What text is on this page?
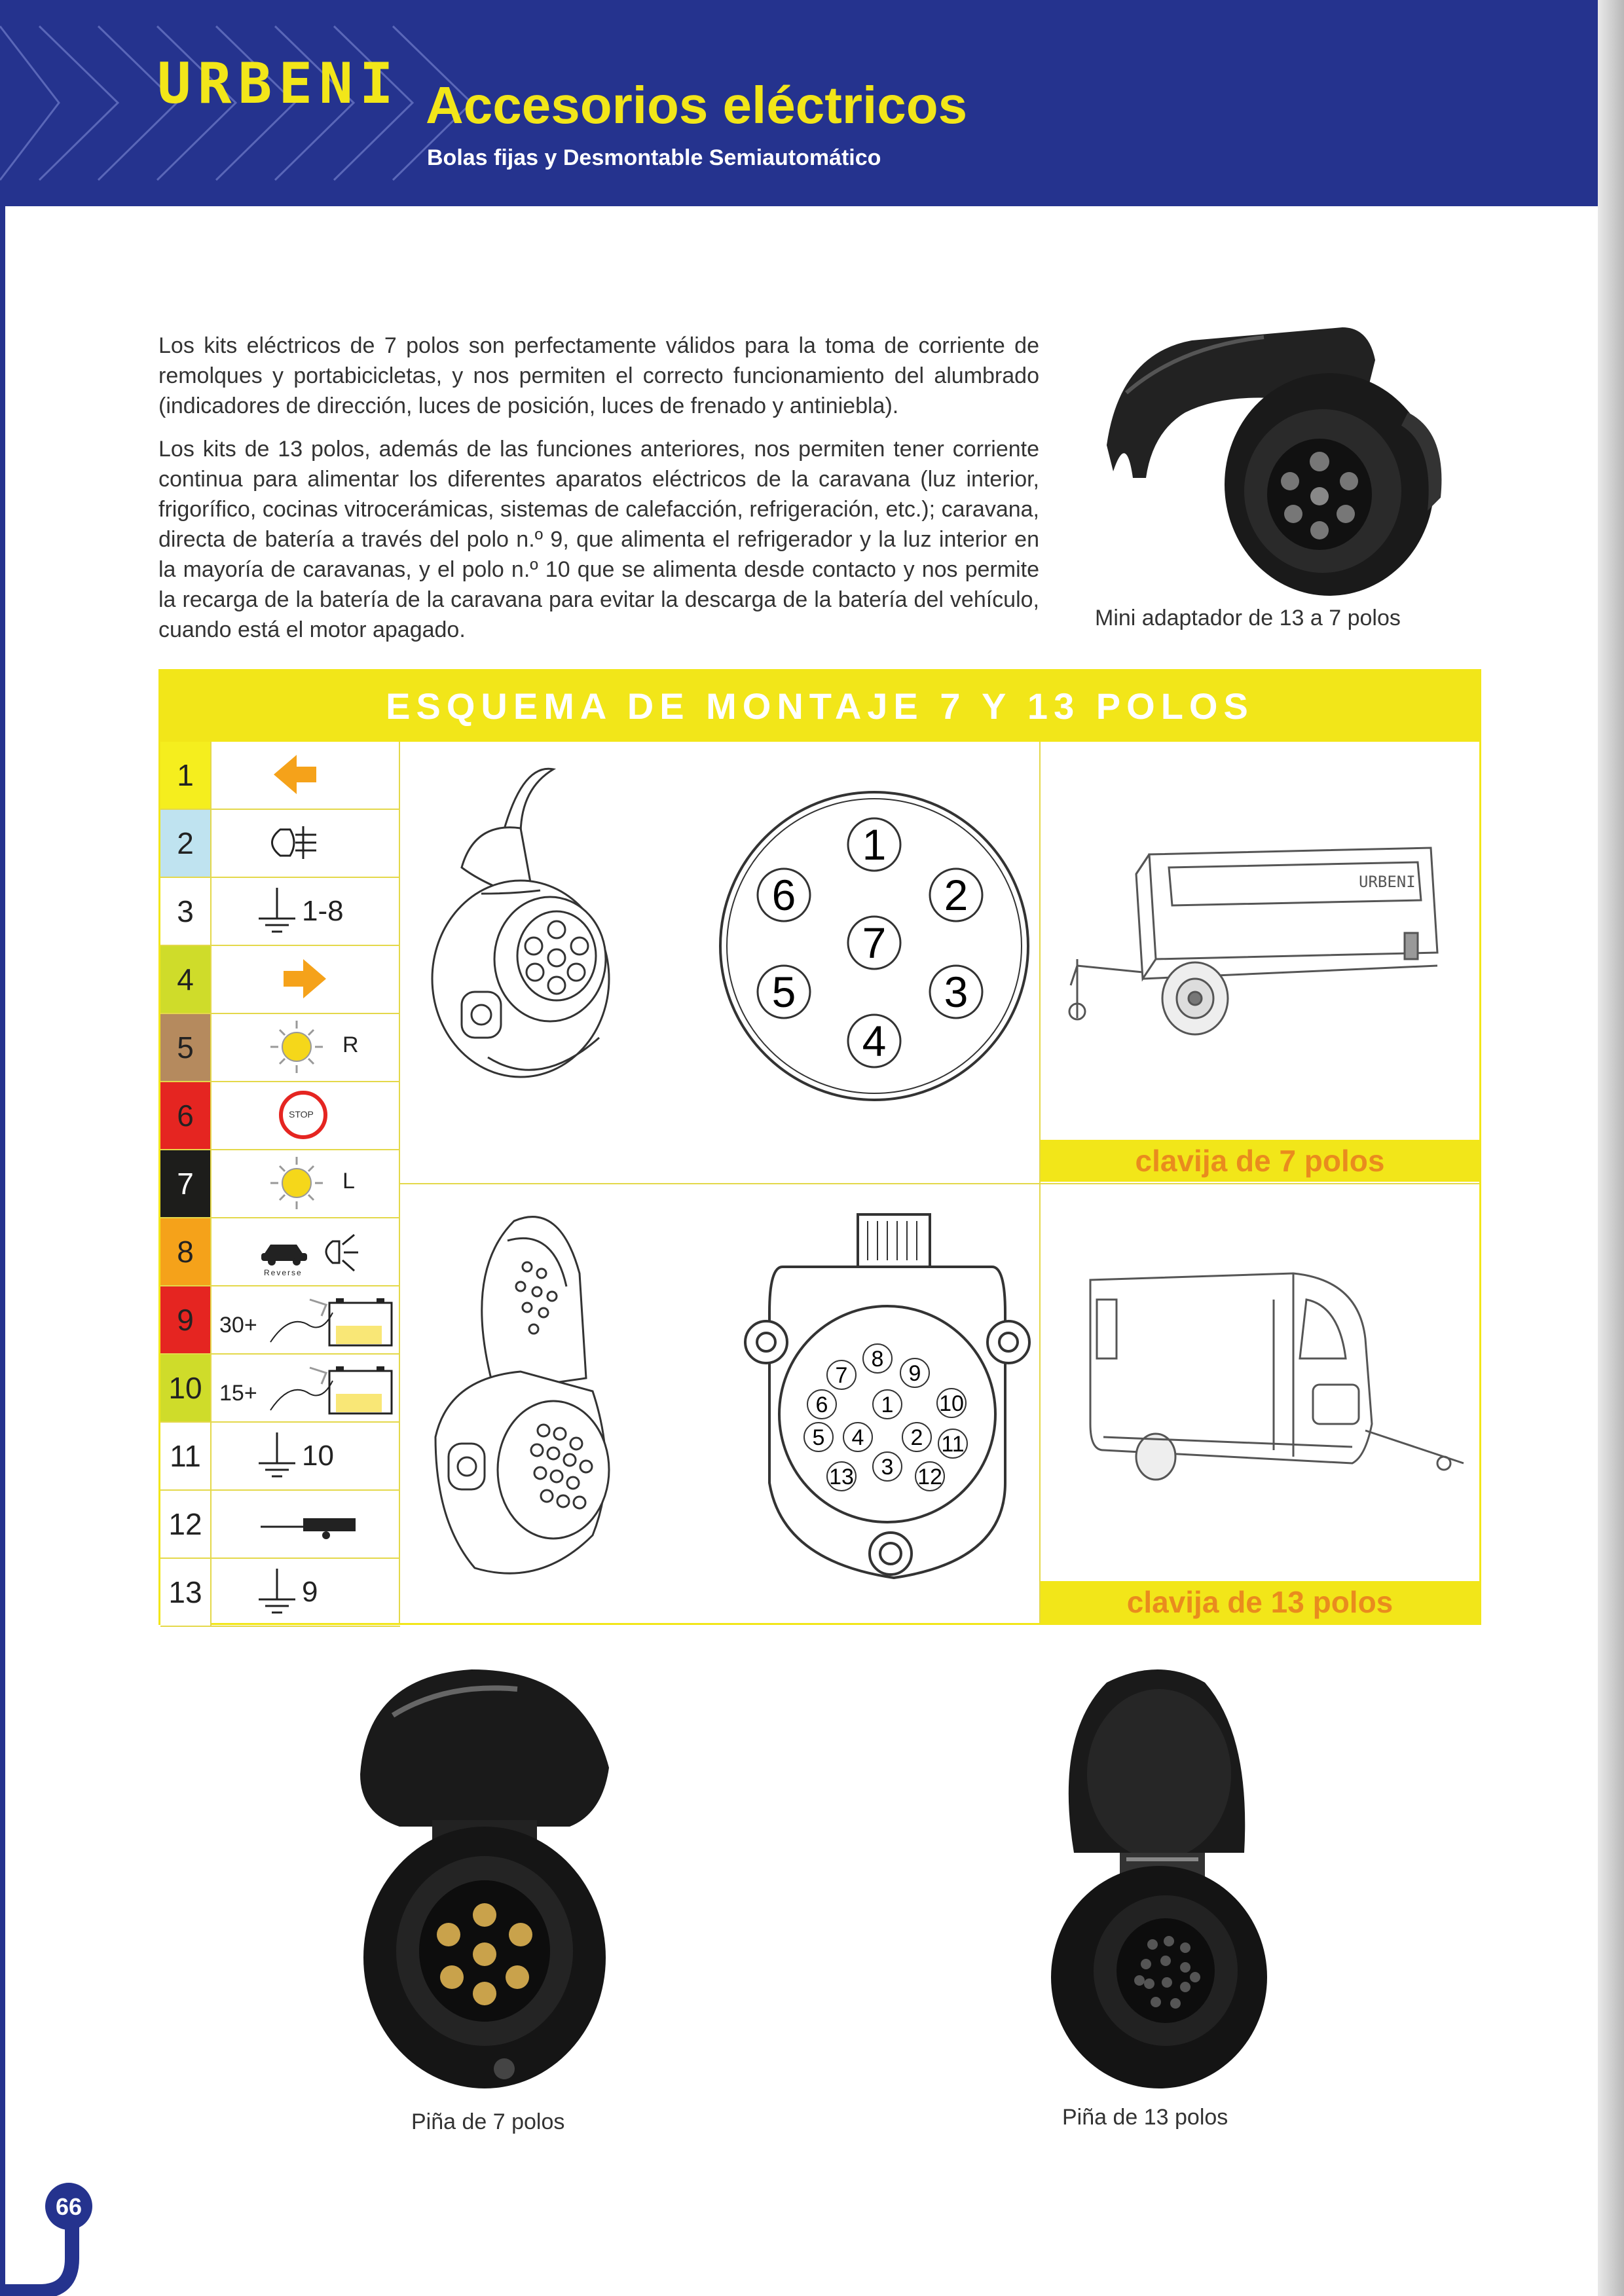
URBENI Accesorios eléctricos
Bolas fijas y Desmontable Semiautomático

Los kits eléctricos de 7 polos son perfectamente válidos para la toma de corriente de remolques y portabicicletas, y nos permiten el correcto funcionamiento del alumbrado (indicadores de dirección, luces de posición, luces de frenado y antiniebla).

Los kits de 13 polos, además de las funciones anteriores, nos permiten tener corriente continua para alimentar los diferentes aparatos eléctricos de la caravana (luz interior, frigorífico, cocinas vitrocerámicas, sistemas de calefacción, refrigeración, etc.); caravana, directa de batería a través del polo n.º 9, que alimenta el refrigerador y la luz interior en la mayoría de caravanas, y el polo n.º 10 que se alimenta desde contacto y nos permite la recarga de la batería de la caravana para evitar la descarga de la batería del vehículo, cuando está el motor apagado.	Mini adaptador de 13 a 7 polos
ESQUEMA DE MONTAJE 7 Y 13 POLOS
1
2
3	1-8
4
5	R
6	STOP
7	L
8
Reverse
9	30+
10 15+
11	10
12
13	9
1
2
3
4
5
6
7
URBENI
clavija de 7 polos
1
2
3
4
5
6
7
8
9
10
11
12
13
clavija de 13 polos
Piña de 7 polos	Piña de 13 polos
66
